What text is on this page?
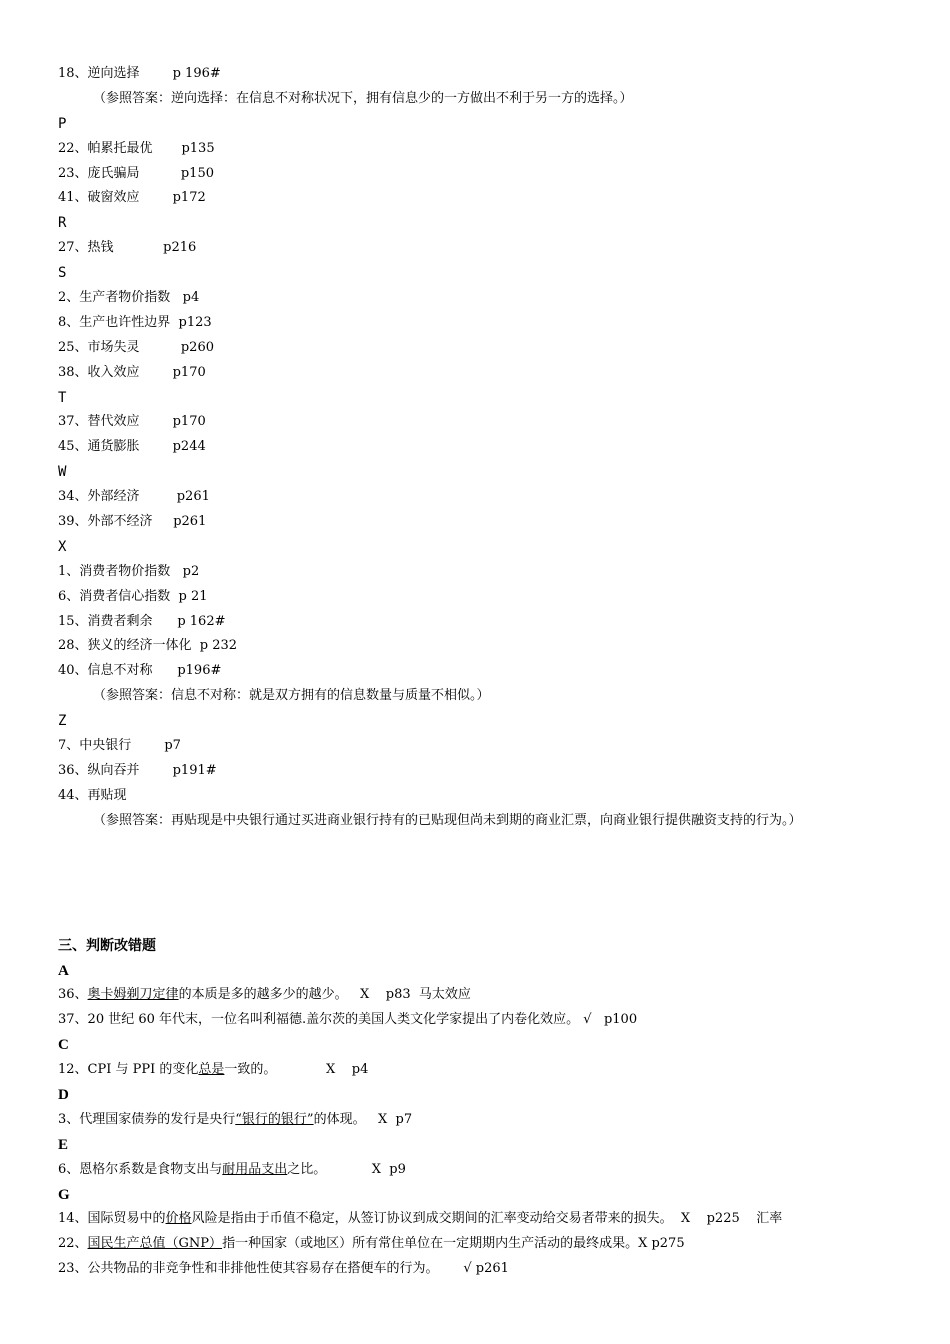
18、逆向选择        p 196#
（参照答案：逆向选择：在信息不对称状况下，拥有信息少的一方做出不利于另一方的选择。）
P
22、帕累托最优       p135
23、庞氏骗局          p150
41、破窗效应        p172
R
27、热钱            p216
S
2、生产者物价指数   p4
8、生产也许性边界  p123
25、市场失灵          p260
38、收入效应        p170
T
37、替代效应        p170
45、通货膨胀        p244
W
34、外部经济         p261
39、外部不经济     p261
X
1、消费者物价指数   p2
6、消费者信心指数  p 21
15、消费者剩余      p 162#
28、狭义的经济一体化  p 232
40、信息不对称      p196#
（参照答案：信息不对称：就是双方拥有的信息数量与质量不相似。）
Z
7、中央银行        p7
36、纵向吞并        p191#
44、再贴现
（参照答案：再贴现是中央银行通过买进商业银行持有的已贴现但尚未到期的商业汇票，向商业银行提供融资支持的行为。）
三、判断改错题
A
36、奥卡姆剃刀定律的本质是多的越多少的越少。   X    p83  马太效应
37、20 世纪 60 年代末，一位名叫利福德.盖尔茨的美国人类文化学家提出了内卷化效应。 √   p100
C
12、CPI 与 PPI 的变化总是一致的。            X    p4
D
3、代理国家债券的发行是央行“银行的银行”的体现。   X  p7
E
6、恩格尔系数是食物支出与耐用品支出之比。           X  p9
G
14、国际贸易中的价格风险是指由于币值不稳定，从签订协议到成交期间的汇率变动给交易者带来的损失。  X    p225    汇率
22、国民生产总值（GNP）指一种国家（或地区）所有常住单位在一定期期内生产活动的最终成果。X p275
23、公共物品的非竞争性和非排他性使其容易存在搭便车的行为。      √ p261
